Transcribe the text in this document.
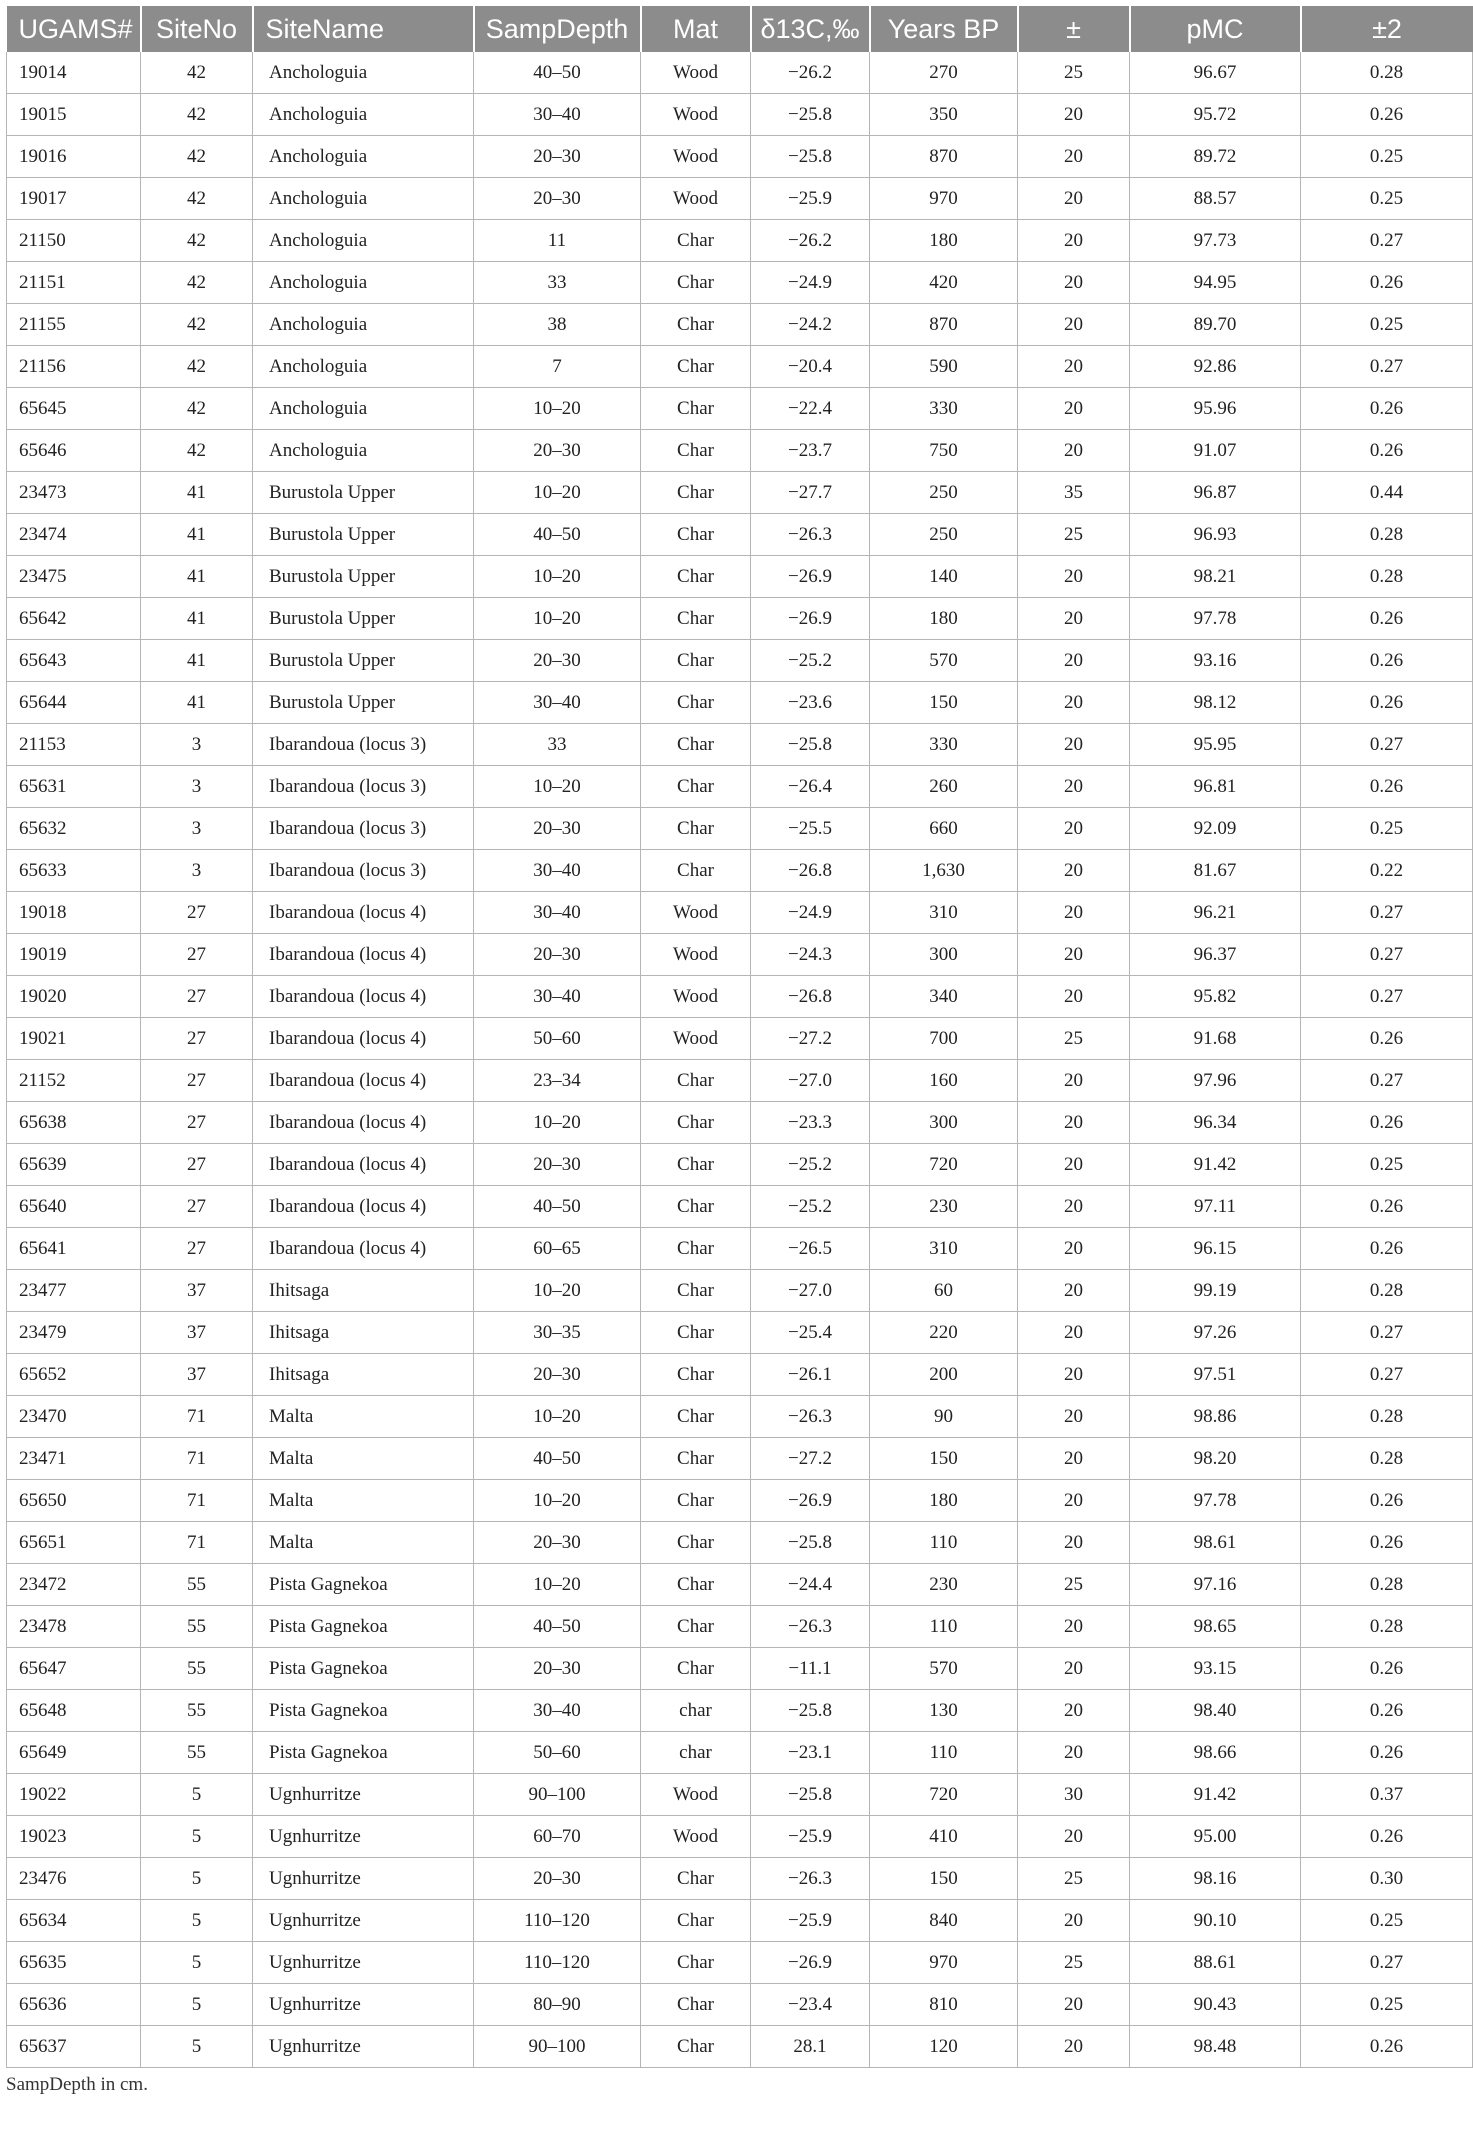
UGAMS#	SiteNo	SiteName	SampDepth	Mat	δ13C,‰	Years BP	±	pMC	±2
19014	42	Anchologuia	40–50	Wood	−26.2	270	25	96.67	0.28
19015	42	Anchologuia	30–40	Wood	−25.8	350	20	95.72	0.26
19016	42	Anchologuia	20–30	Wood	−25.8	870	20	89.72	0.25
19017	42	Anchologuia	20–30	Wood	−25.9	970	20	88.57	0.25
21150	42	Anchologuia	11	Char	−26.2	180	20	97.73	0.27
21151	42	Anchologuia	33	Char	−24.9	420	20	94.95	0.26
21155	42	Anchologuia	38	Char	−24.2	870	20	89.70	0.25
21156	42	Anchologuia	7	Char	−20.4	590	20	92.86	0.27
65645	42	Anchologuia	10–20	Char	−22.4	330	20	95.96	0.26
65646	42	Anchologuia	20–30	Char	−23.7	750	20	91.07	0.26
23473	41	Burustola Upper	10–20	Char	−27.7	250	35	96.87	0.44
23474	41	Burustola Upper	40–50	Char	−26.3	250	25	96.93	0.28
23475	41	Burustola Upper	10–20	Char	−26.9	140	20	98.21	0.28
65642	41	Burustola Upper	10–20	Char	−26.9	180	20	97.78	0.26
65643	41	Burustola Upper	20–30	Char	−25.2	570	20	93.16	0.26
65644	41	Burustola Upper	30–40	Char	−23.6	150	20	98.12	0.26
21153	3	Ibarandoua (locus 3)	33	Char	−25.8	330	20	95.95	0.27
65631	3	Ibarandoua (locus 3)	10–20	Char	−26.4	260	20	96.81	0.26
65632	3	Ibarandoua (locus 3)	20–30	Char	−25.5	660	20	92.09	0.25
65633	3	Ibarandoua (locus 3)	30–40	Char	−26.8	1,630	20	81.67	0.22
19018	27	Ibarandoua (locus 4)	30–40	Wood	−24.9	310	20	96.21	0.27
19019	27	Ibarandoua (locus 4)	20–30	Wood	−24.3	300	20	96.37	0.27
19020	27	Ibarandoua (locus 4)	30–40	Wood	−26.8	340	20	95.82	0.27
19021	27	Ibarandoua (locus 4)	50–60	Wood	−27.2	700	25	91.68	0.26
21152	27	Ibarandoua (locus 4)	23–34	Char	−27.0	160	20	97.96	0.27
65638	27	Ibarandoua (locus 4)	10–20	Char	−23.3	300	20	96.34	0.26
65639	27	Ibarandoua (locus 4)	20–30	Char	−25.2	720	20	91.42	0.25
65640	27	Ibarandoua (locus 4)	40–50	Char	−25.2	230	20	97.11	0.26
65641	27	Ibarandoua (locus 4)	60–65	Char	−26.5	310	20	96.15	0.26
23477	37	Ihitsaga	10–20	Char	−27.0	60	20	99.19	0.28
23479	37	Ihitsaga	30–35	Char	−25.4	220	20	97.26	0.27
65652	37	Ihitsaga	20–30	Char	−26.1	200	20	97.51	0.27
23470	71	Malta	10–20	Char	−26.3	90	20	98.86	0.28
23471	71	Malta	40–50	Char	−27.2	150	20	98.20	0.28
65650	71	Malta	10–20	Char	−26.9	180	20	97.78	0.26
65651	71	Malta	20–30	Char	−25.8	110	20	98.61	0.26
23472	55	Pista Gagnekoa	10–20	Char	−24.4	230	25	97.16	0.28
23478	55	Pista Gagnekoa	40–50	Char	−26.3	110	20	98.65	0.28
65647	55	Pista Gagnekoa	20–30	Char	−11.1	570	20	93.15	0.26
65648	55	Pista Gagnekoa	30–40	char	−25.8	130	20	98.40	0.26
65649	55	Pista Gagnekoa	50–60	char	−23.1	110	20	98.66	0.26
19022	5	Ugnhurritze	90–100	Wood	−25.8	720	30	91.42	0.37
19023	5	Ugnhurritze	60–70	Wood	−25.9	410	20	95.00	0.26
23476	5	Ugnhurritze	20–30	Char	−26.3	150	25	98.16	0.30
65634	5	Ugnhurritze	110–120	Char	−25.9	840	20	90.10	0.25
65635	5	Ugnhurritze	110–120	Char	−26.9	970	25	88.61	0.27
65636	5	Ugnhurritze	80–90	Char	−23.4	810	20	90.43	0.25
65637	5	Ugnhurritze	90–100	Char	28.1	120	20	98.48	0.26
SampDepth in cm.
